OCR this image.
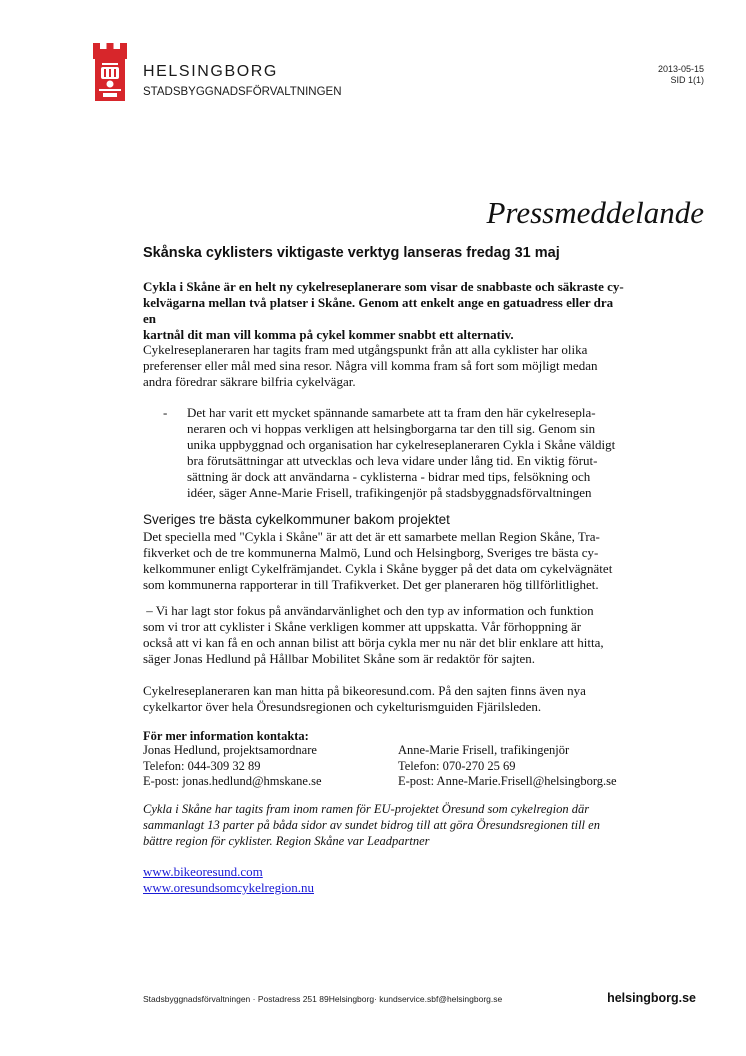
HELSINGBORG
STADSBYGGNADSFÖRVALTNINGEN
2013-05-15
SID 1(1)
Pressmeddelande
Skånska cyklisters viktigaste verktyg lanseras fredag 31 maj
Cykla i Skåne är en helt ny cykelreseplanerare som visar de snabbaste och säkraste cy-
kelvägarna mellan två platser i Skåne. Genom att enkelt ange en gatuadress eller dra en
kartnål dit man vill komma på cykel kommer snabbt ett alternativ.
Cykelreseplaneraren har tagits fram med utgångspunkt från att alla cyklister har olika
preferenser eller mål med sina resor. Några vill komma fram så fort som möjligt medan
andra föredrar säkrare bilfria cykelvägar.
- Det har varit ett mycket spännande samarbete att ta fram den här cykelresepla-
neraren och vi hoppas verkligen att helsingborgarna tar den till sig. Genom sin
unika uppbyggnad och organisation har cykelreseplaneraren Cykla i Skåne väldigt
bra förutsättningar att utvecklas och leva vidare under lång tid. En viktig förut-
sättning är dock att användarna - cyklisterna - bidrar med tips, felsökning och
idéer, säger Anne-Marie Frisell, trafikingenjör på stadsbyggnadsförvaltningen
Sveriges tre bästa cykelkommuner bakom projektet
Det speciella med "Cykla i Skåne" är att det är ett samarbete mellan Region Skåne, Tra-
fikverket och de tre kommunerna Malmö, Lund och Helsingborg, Sveriges tre bästa cy-
kelkommuner enligt Cykelfrämjandet. Cykla i Skåne bygger på det data om cykelvägnätet
som kommunerna rapporterar in till Trafikverket. Det ger planeraren hög tillförlitlighet.
– Vi har lagt stor fokus på användarvänlighet och den typ av information och funktion
som vi tror att cyklister i Skåne verkligen kommer att uppskatta. Vår förhoppning är
också att vi kan få en och annan bilist att börja cykla mer nu när det blir enklare att hitta,
säger Jonas Hedlund på Hållbar Mobilitet Skåne som är redaktör för sajten.
Cykelreseplaneraren kan man hitta på bikeoresund.com. På den sajten finns även nya
cykelkartor över hela Öresundsregionen och cykelturismguiden Fjärilsleden.
För mer information kontakta:
Jonas Hedlund, projektsamordnare
Telefon: 044-309 32 89
E-post: jonas.hedlund@hmskane.se
Anne-Marie Frisell, trafikingenjör
Telefon: 070-270 25 69
E-post: Anne-Marie.Frisell@helsingborg.se
Cykla i Skåne har tagits fram inom ramen för EU-projektet Öresund som cykelregion där
sammanlagt 13 parter på båda sidor av sundet bidrog till att göra Öresundsregionen till en
bättre region för cyklister. Region Skåne var Leadpartner
www.bikeoresund.com
www.oresundsomcykelregion.nu
Stadsbyggnadsförvaltningen · Postadress 251 89Helsingborg· kundservice.sbf@helsingborg.se	helsingborg.se
